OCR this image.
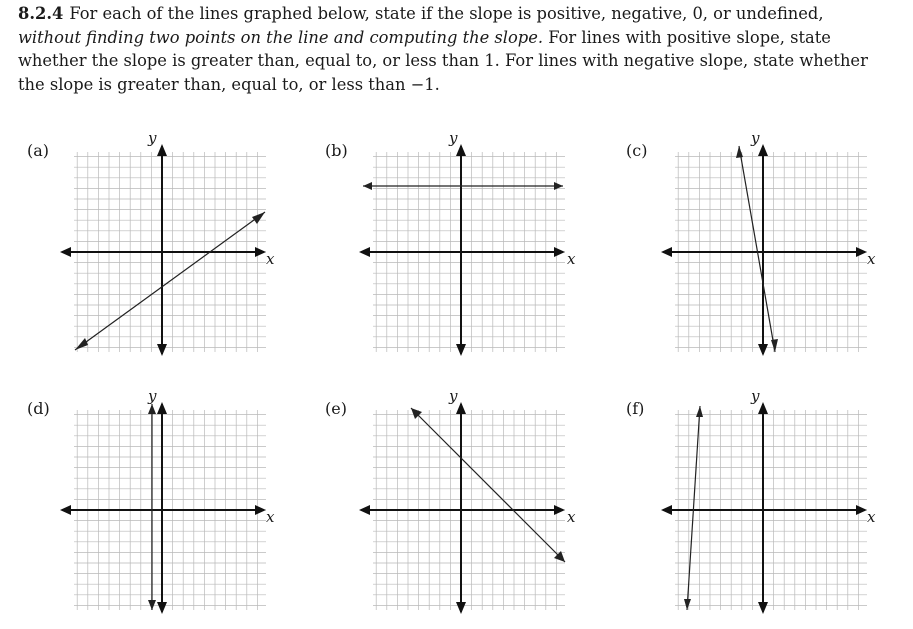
8.2.4 For each of the lines graphed below, state if the slope is positive, negative, 0, or undefined, without finding two points on the line and computing the slope. For lines with positive slope, state whether the slope is greater than, equal to, or less than 1. For lines with negative slope, state whether the slope is greater than, equal to, or less than −1.

(a)
y
x
(b)
y
x
(c)
y
x
(d)
y
x
(e)
y
x
(f)
y
x
